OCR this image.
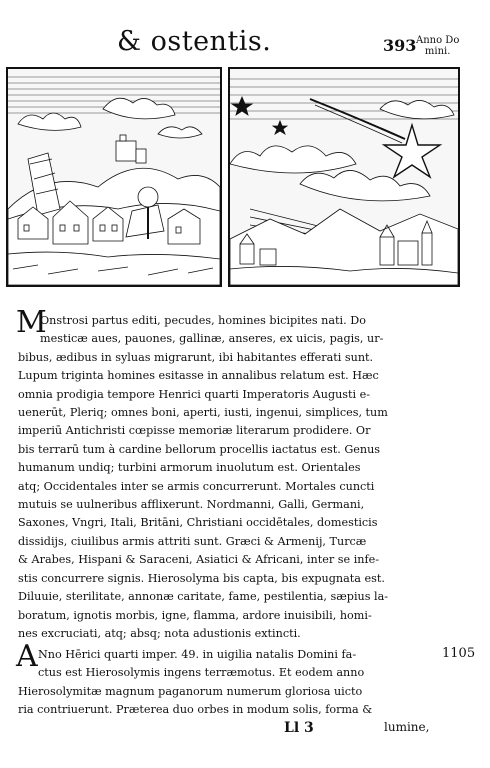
& ostentis.	393 Anno Do
mini.
M
Onstrosi partus editi, pecudes, homines bicipites nati. Do
mesticæ aues, pauones, gallinæ, anseres, ex uicis, pagis, ur-
bibus, ædibus in syluas migrarunt, ibi habitantes efferati sunt.
Lupum triginta homines esitasse in annalibus relatum est. Hæc
omnia prodigia tempore Henrici quarti Imperatoris Augusti e-
uenerūt, Pleriq; omnes boni, aperti, iusti, ingenui, simplices, tum
imperiū Antichristi cœpisse memoriæ literarum prodidere. Or
bis terrarū tum à cardine bellorum procellis iactatus est. Genus
humanum undiq; turbini armorum inuolutum est. Orientales
atq; Occidentales inter se armis concurrerunt. Mortales cuncti
mutuis se uulneribus afflixerunt. Nordmanni, Galli, Germani,
Saxones, Vngri, Itali, Britāni, Christiani occidētales, domesticis
dissidijs, ciuilibus armis attriti sunt. Græci & Armenij, Turcæ
& Arabes, Hispani & Saraceni, Asiatici & Africani, inter se infe-
stis concurrere signis. Hierosolyma bis capta, bis expugnata est.
Diluuie, sterilitate, annonæ caritate, fame, pestilentia, sæpius la-
boratum, ignotis morbis, igne, flamma, ardore inuisibili, homi-
nes excruciati, atq; absq; nota adustionis extincti.
A Nno Hērici quarti imper. 49. in uigilia natalis Domini fa-
ctus est Hierosolymis ingens terræmotus. Et eodem anno
Hierosolymitæ magnum paganorum numerum gloriosa uicto
ria contriuerunt. Præterea duo orbes in modum solis, forma &
1105
Ll 3	lumine,
